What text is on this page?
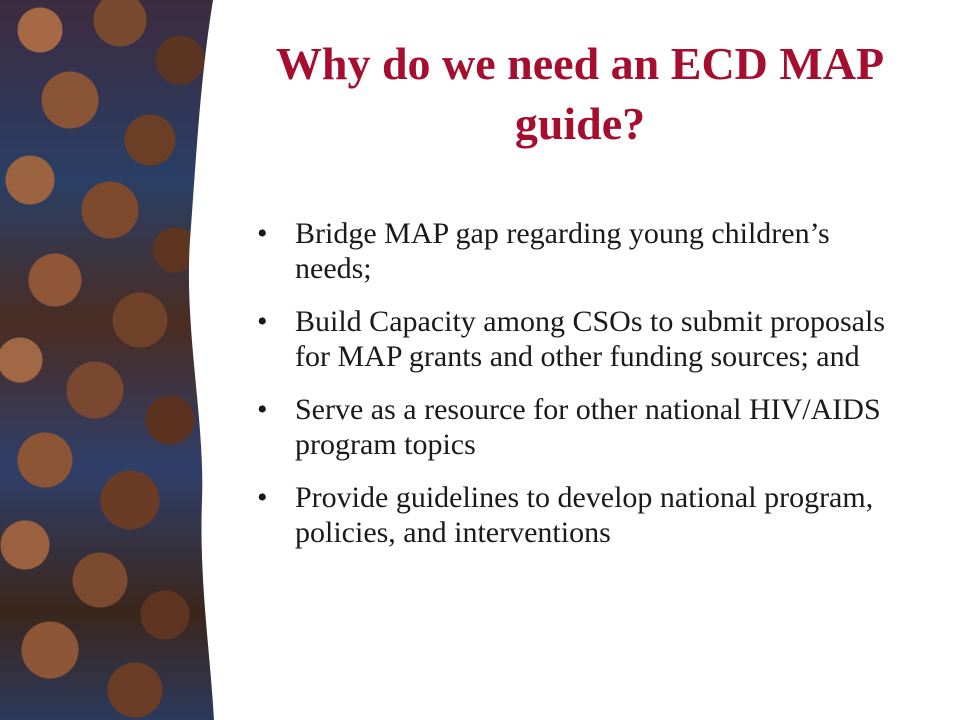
Why do we need an ECD MAP guide?
• Bridge MAP gap regarding young children’s needs;
• Build Capacity among CSOs to submit proposals for MAP grants and other funding sources; and
• Serve as a resource for other national HIV/AIDS program topics
• Provide guidelines to develop national program, policies, and interventions
